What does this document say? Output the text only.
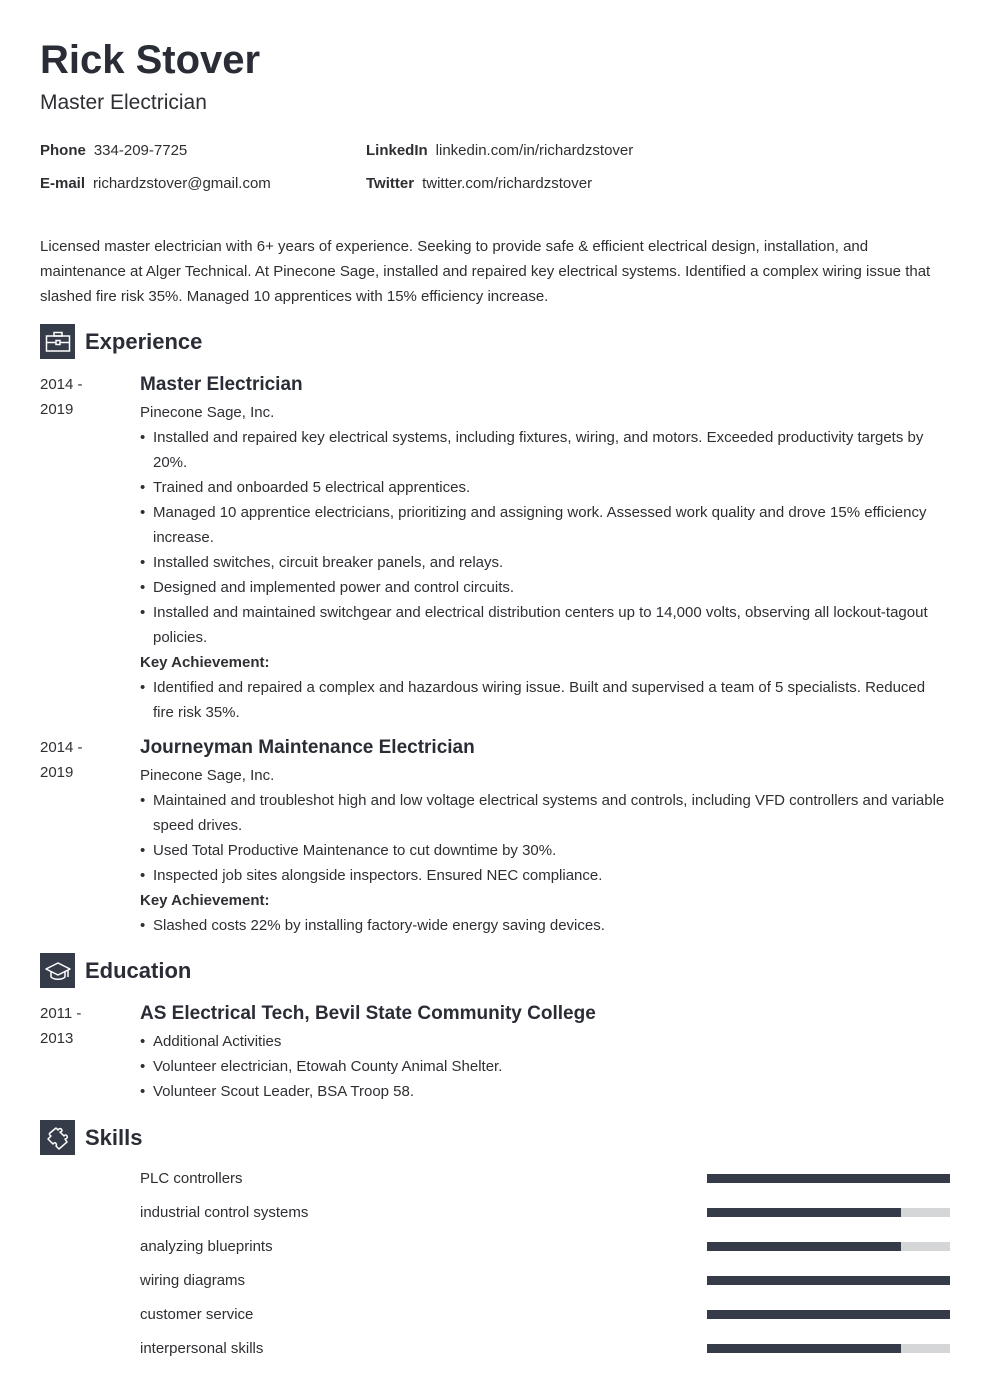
Rick Stover
Master Electrician
Phone 334-209-7725	LinkedIn linkedin.com/in/richardzstover
E-mail richardzstover@gmail.com	Twitter twitter.com/richardzstover

Licensed master electrician with 6+ years of experience. Seeking to provide safe & efficient electrical design, installation, and maintenance at Alger Technical. At Pinecone Sage, installed and repaired key electrical systems. Identified a complex wiring issue that slashed fire risk 35%. Managed 10 apprentices with 15% efficiency increase.

Experience
2014 -
2019
Master Electrician
Pinecone Sage, Inc.
• Installed and repaired key electrical systems, including fixtures, wiring, and motors. Exceeded productivity targets by 20%.
• Trained and onboarded 5 electrical apprentices.
• Managed 10 apprentice electricians, prioritizing and assigning work. Assessed work quality and drove 15% efficiency increase.
• Installed switches, circuit breaker panels, and relays.
• Designed and implemented power and control circuits.
• Installed and maintained switchgear and electrical distribution centers up to 14,000 volts, observing all lockout-tagout policies.
Key Achievement:
• Identified and repaired a complex and hazardous wiring issue. Built and supervised a team of 5 specialists. Reduced fire risk 35%.
2014 -
2019
Journeyman Maintenance Electrician
Pinecone Sage, Inc.
• Maintained and troubleshot high and low voltage electrical systems and controls, including VFD controllers and variable speed drives.
• Used Total Productive Maintenance to cut downtime by 30%.
• Inspected job sites alongside inspectors. Ensured NEC compliance.
Key Achievement:
• Slashed costs 22% by installing factory-wide energy saving devices.
Education
2011 -
2013
AS Electrical Tech, Bevil State Community College
• Additional Activities
• Volunteer electrician, Etowah County Animal Shelter.
• Volunteer Scout Leader, BSA Troop 58.
Skills
PLC controllers
industrial control systems
analyzing blueprints
wiring diagrams
customer service
interpersonal skills
